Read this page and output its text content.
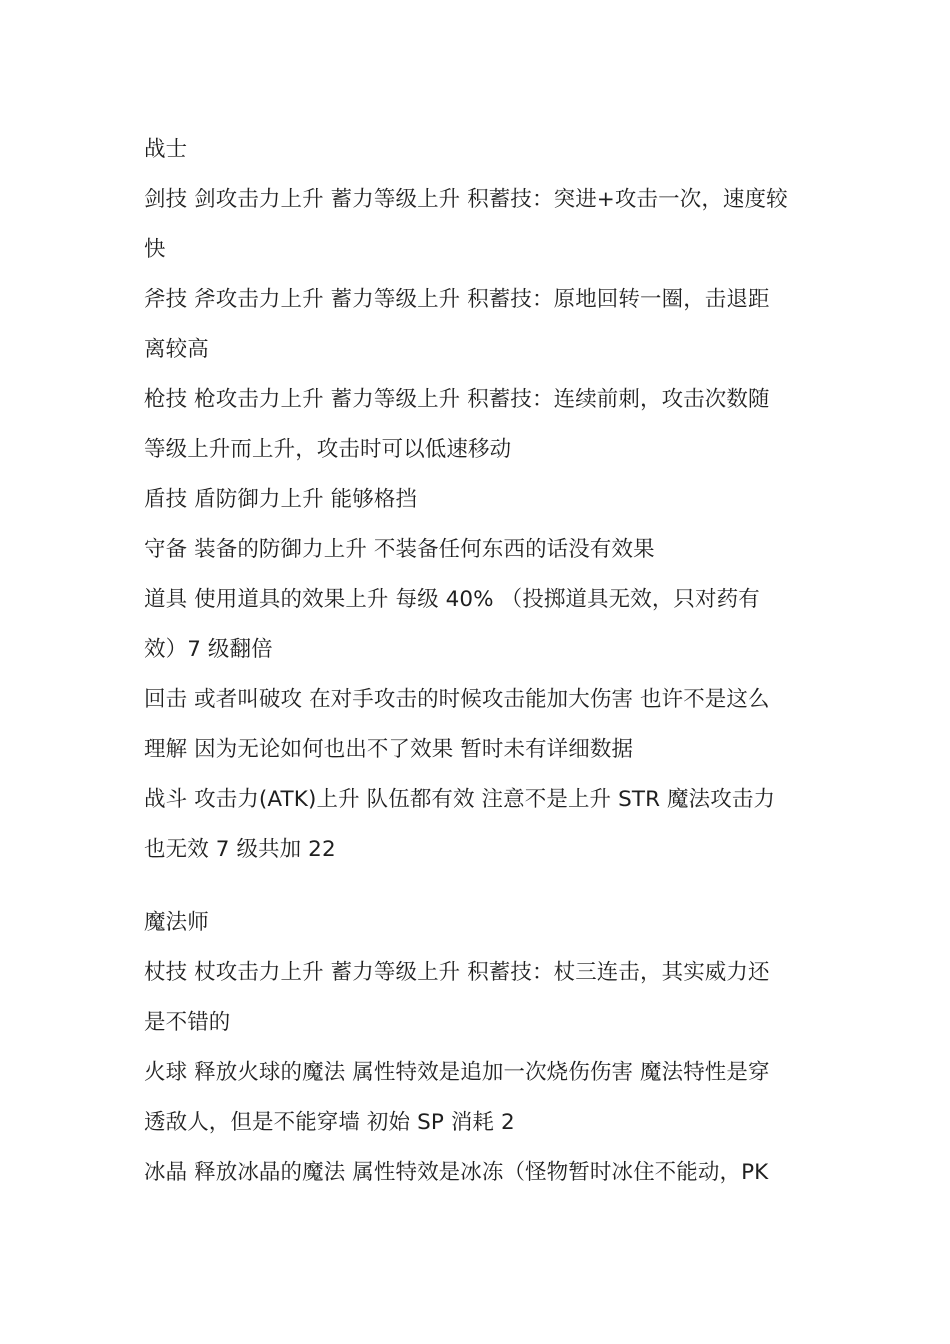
战士

剑技 剑攻击力上升 蓄力等级上升 积蓄技：突进+攻击一次，速度较

快

斧技 斧攻击力上升 蓄力等级上升 积蓄技：原地回转一圈，击退距

离较高

枪技 枪攻击力上升 蓄力等级上升 积蓄技：连续前刺，攻击次数随

等级上升而上升，攻击时可以低速移动

盾技 盾防御力上升 能够格挡

守备 装备的防御力上升 不装备任何东西的话没有效果

道具 使用道具的效果上升 每级 40% （投掷道具无效，只对药有

效）7 级翻倍

回击 或者叫破攻 在对手攻击的时候攻击能加大伤害 也许不是这么

理解 因为无论如何也出不了效果 暂时未有详细数据

战斗 攻击力(ATK)上升 队伍都有效 注意不是上升 STR 魔法攻击力

也无效 7 级共加 22

魔法师

杖技 杖攻击力上升 蓄力等级上升 积蓄技：杖三连击，其实威力还

是不错的

火球 释放火球的魔法 属性特效是追加一次烧伤伤害 魔法特性是穿

透敌人，但是不能穿墙 初始 SP 消耗 2

冰晶 释放冰晶的魔法 属性特效是冰冻（怪物暂时冰住不能动，PK
